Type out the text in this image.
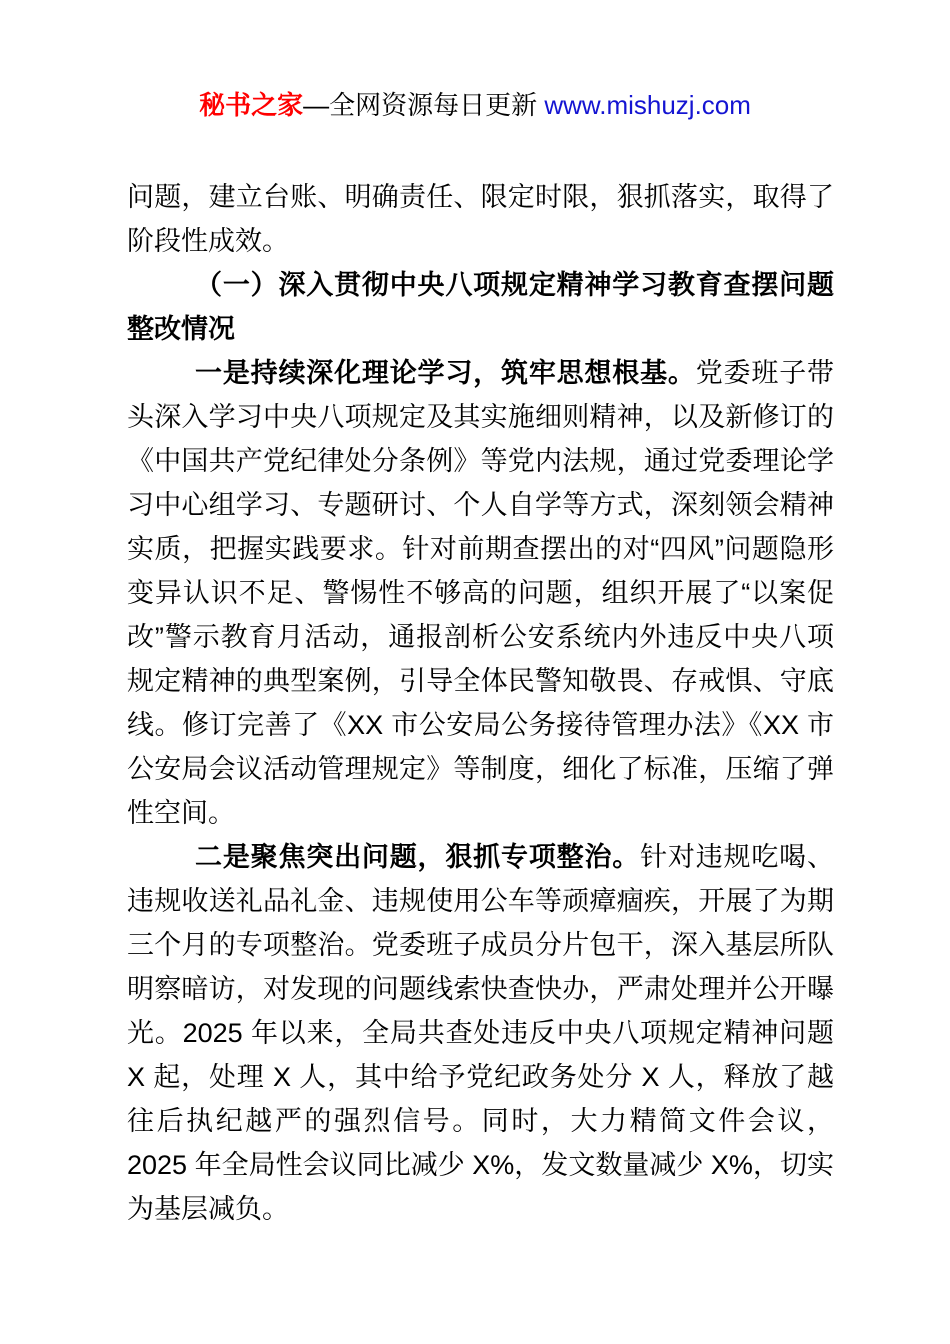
秘书之家—全网资源每日更新 www.mishuzj.com

问题，建立台账、明确责任、限定时限，狠抓落实，取得了阶段性成效。

（一）深入贯彻中央八项规定精神学习教育查摆问题整改情况

一是持续深化理论学习，筑牢思想根基。党委班子带头深入学习中央八项规定及其实施细则精神，以及新修订的《中国共产党纪律处分条例》等党内法规，通过党委理论学习中心组学习、专题研讨、个人自学等方式，深刻领会精神实质，把握实践要求。针对前期查摆出的对“四风”问题隐形变异认识不足、警惕性不够高的问题，组织开展了“以案促改”警示教育月活动，通报剖析公安系统内外违反中央八项规定精神的典型案例，引导全体民警知敬畏、存戒惧、守底线。修订完善了《XX 市公安局公务接待管理办法》《XX 市公安局会议活动管理规定》等制度，细化了标准，压缩了弹性空间。

二是聚焦突出问题，狠抓专项整治。针对违规吃喝、违规收送礼品礼金、违规使用公车等顽瘴痼疾，开展了为期三个月的专项整治。党委班子成员分片包干，深入基层所队明察暗访，对发现的问题线索快查快办，严肃处理并公开曝光。2025 年以来，全局共查处违反中央八项规定精神问题 X 起，处理 X 人，其中给予党纪政务处分 X 人，释放了越往后执纪越严的强烈信号。同时，大力精简文件会议，2025 年全局性会议同比减少 X%，发文数量减少 X%，切实为基层减负。
